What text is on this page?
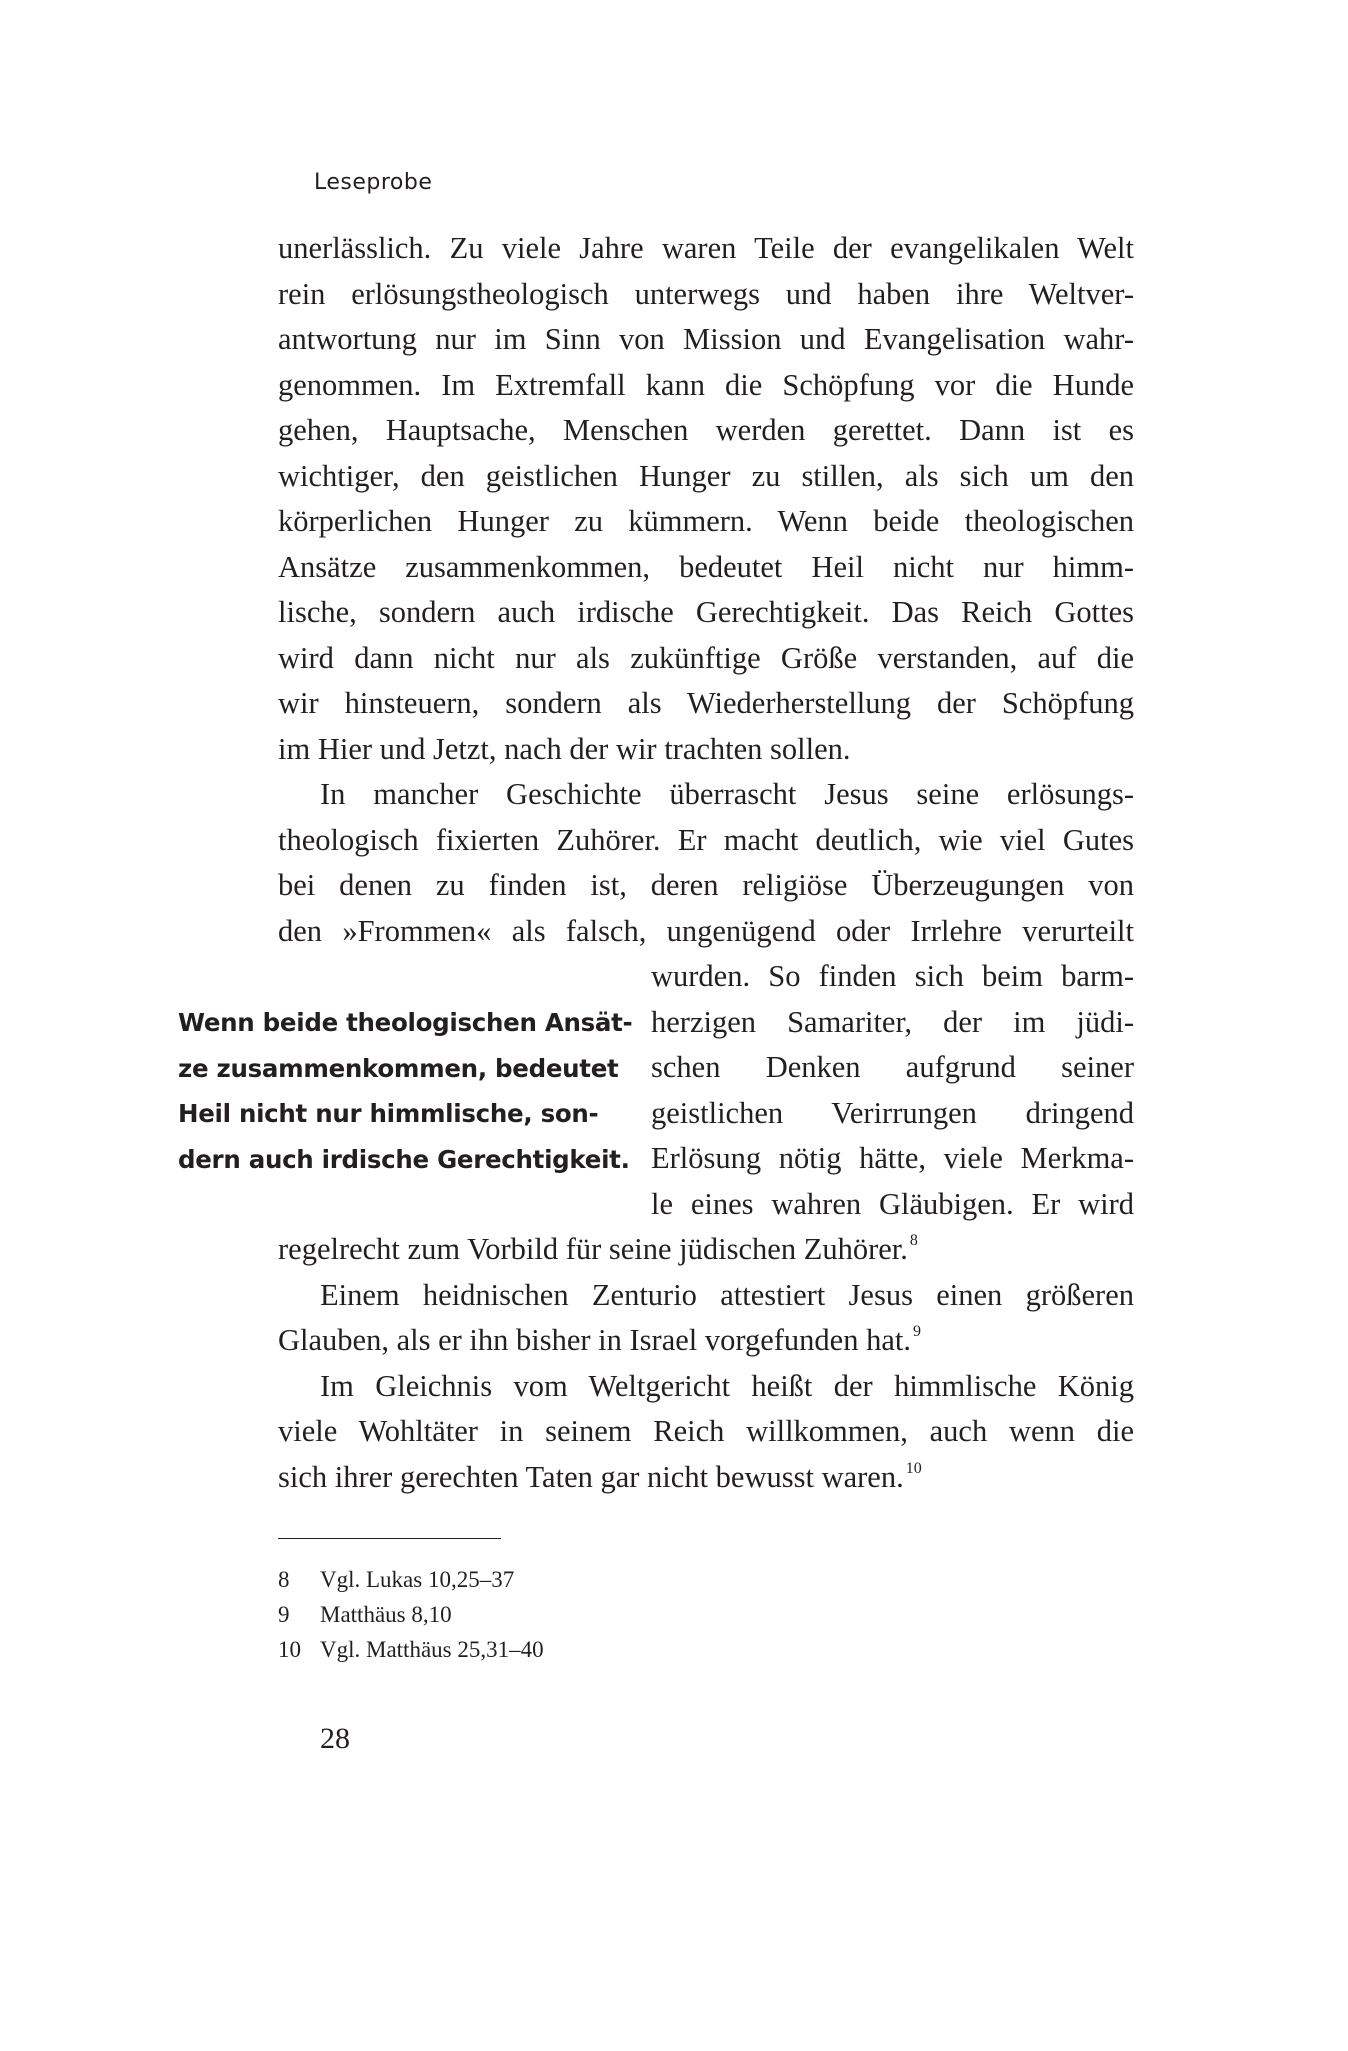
Leseprobe
unerlässlich. Zu viele Jahre waren Teile der evangelikalen Welt
rein erlösungstheologisch unterwegs und haben ihre Weltver-
antwortung nur im Sinn von Mission und Evangelisation wahr-
genommen. Im Extremfall kann die Schöpfung vor die Hunde
gehen, Hauptsache, Menschen werden gerettet. Dann ist es
wichtiger, den geistlichen Hunger zu stillen, als sich um den
körperlichen Hunger zu kümmern. Wenn beide theologischen
Ansätze zusammenkommen, bedeutet Heil nicht nur himm-
lische, sondern auch irdische Gerechtigkeit. Das Reich Gottes
wird dann nicht nur als zukünftige Größe verstanden, auf die
wir hinsteuern, sondern als Wiederherstellung der Schöpfung
im Hier und Jetzt, nach der wir trachten sollen.
In mancher Geschichte überrascht Jesus seine erlösungs-
theologisch fixierten Zuhörer. Er macht deutlich, wie viel Gutes
bei denen zu finden ist, deren religiöse Überzeugungen von
den »Frommen« als falsch, ungenügend oder Irrlehre verurteilt
wurden. So finden sich beim barm-
herzigen Samariter, der im jüdi-
schen Denken aufgrund seiner
geistlichen Verirrungen dringend
Erlösung nötig hätte, viele Merkma-
le eines wahren Gläubigen. Er wird
Wenn beide theologischen Ansät-
ze zusammenkommen, bedeutet
Heil nicht nur himmlische, son-
dern auch irdische Gerechtigkeit.
regelrecht zum Vorbild für seine jüdischen Zuhörer. $^8$
Einem heidnischen Zenturio attestiert Jesus einen größeren
Glauben, als er ihn bisher in Israel vorgefunden hat. $^9$
Im Gleichnis vom Weltgericht heißt der himmlische König
viele Wohltäter in seinem Reich willkommen, auch wenn die
sich ihrer gerechten Taten gar nicht bewusst waren. $^{10}$
8	Vgl. Lukas 10,25–37
9	Matthäus 8,10
10 Vgl. Matthäus 25,31–40
28
